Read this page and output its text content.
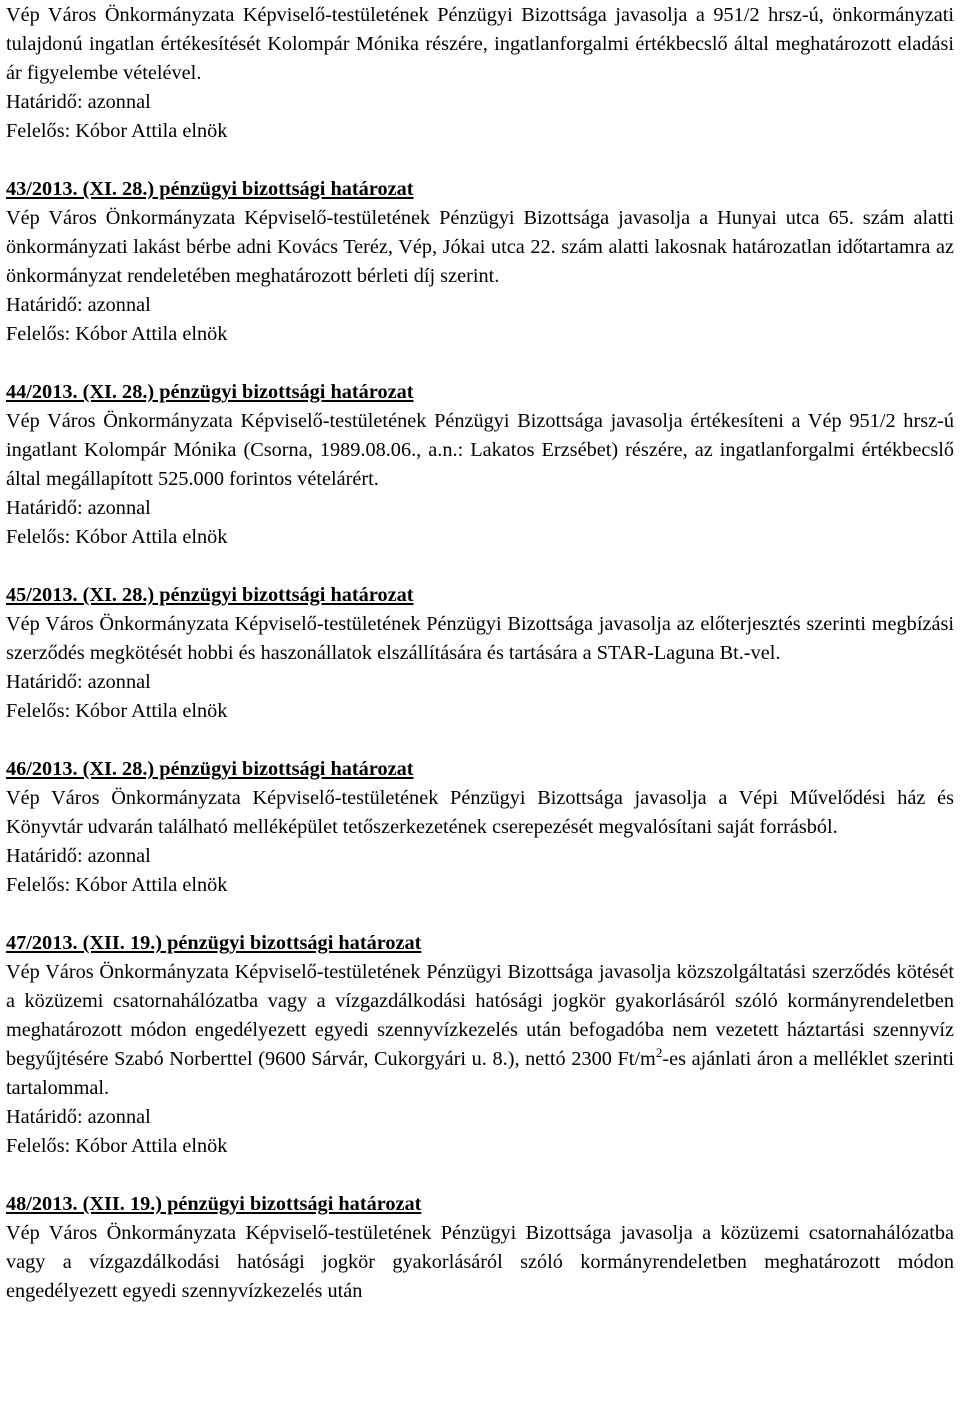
Vép Város Önkormányzata Képviselő-testületének Pénzügyi Bizottsága javasolja a 951/2 hrsz-ú, önkormányzati tulajdonú ingatlan értékesítését Kolompár Mónika részére, ingatlanforgalmi értékbecslő által meghatározott eladási ár figyelembe vételével.
Határidő: azonnal
Felelős: Kóbor Attila elnök
43/2013. (XI. 28.) pénzügyi bizottsági határozat
Vép Város Önkormányzata Képviselő-testületének Pénzügyi Bizottsága javasolja a Hunyai utca 65. szám alatti önkormányzati lakást bérbe adni Kovács Teréz, Vép, Jókai utca 22. szám alatti lakosnak határozatlan időtartamra az önkormányzat rendeletében meghatározott bérleti díj szerint.
Határidő: azonnal
Felelős: Kóbor Attila elnök
44/2013. (XI. 28.) pénzügyi bizottsági határozat
Vép Város Önkormányzata Képviselő-testületének Pénzügyi Bizottsága javasolja értékesíteni a Vép 951/2 hrsz-ú ingatlant Kolompár Mónika (Csorna, 1989.08.06., a.n.: Lakatos Erzsébet) részére, az ingatlanforgalmi értékbecslő által megállapított 525.000 forintos vételárért.
Határidő: azonnal
Felelős: Kóbor Attila elnök
45/2013. (XI. 28.) pénzügyi bizottsági határozat
Vép Város Önkormányzata Képviselő-testületének Pénzügyi Bizottsága javasolja az előterjesztés szerinti megbízási szerződés megkötését hobbi és haszonállatok elszállítására és tartására a STAR-Laguna Bt.-vel.
Határidő: azonnal
Felelős: Kóbor Attila elnök
46/2013. (XI. 28.) pénzügyi bizottsági határozat
Vép Város Önkormányzata Képviselő-testületének Pénzügyi Bizottsága javasolja a Vépi Művelődési ház és Könyvtár udvarán található melléképület tetőszerkezetének cserepezését megvalósítani saját forrásból.
Határidő: azonnal
Felelős: Kóbor Attila elnök
47/2013. (XII. 19.) pénzügyi bizottsági határozat
Vép Város Önkormányzata Képviselő-testületének Pénzügyi Bizottsága javasolja közszolgáltatási szerződés kötését a közüzemi csatornahálózatba vagy a vízgazdálkodási hatósági jogkör gyakorlásáról szóló kormányrendeletben meghatározott módon engedélyezett egyedi szennyvízkezelés után befogadóba nem vezetett háztartási szennyvíz begyűjtésére Szabó Norberttel (9600 Sárvár, Cukorgyári u. 8.), nettó 2300 $Ft/m^2-es$ ajánlati áron a melléklet szerinti tartalommal.
Határidő: azonnal
Felelős: Kóbor Attila elnök
48/2013. (XII. 19.) pénzügyi bizottsági határozat
Vép Város Önkormányzata Képviselő-testületének Pénzügyi Bizottsága javasolja a közüzemi csatornahálózatba vagy a vízgazdálkodási hatósági jogkör gyakorlásáról szóló kormányrendeletben meghatározott módon engedélyezett egyedi szennyvízkezelés után
